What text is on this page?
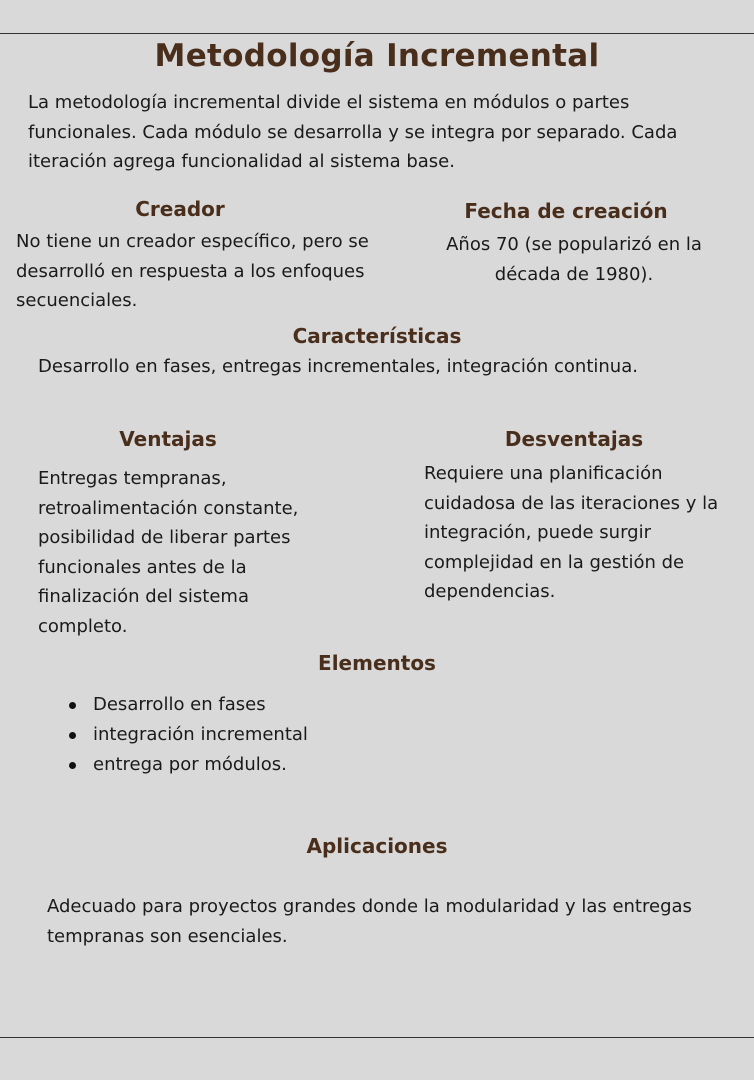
Metodología Incremental

La metodología incremental divide el sistema en módulos o partes funcionales. Cada módulo se desarrolla y se integra por separado. Cada iteración agrega funcionalidad al sistema base.

Creador

No tiene un creador específico, pero se desarrolló en respuesta a los enfoques secuenciales.

Fecha de creación

Años 70 (se popularizó en la década de 1980).

Características

Desarrollo en fases, entregas incrementales, integración continua.

Ventajas

Entregas tempranas, retroalimentación constante, posibilidad de liberar partes funcionales antes de la finalización del sistema completo.

Desventajas

Requiere una planificación cuidadosa de las iteraciones y la integración, puede surgir complejidad en la gestión de dependencias.

Elementos
Desarrollo en fases
integración incremental
entrega por módulos.
Aplicaciones

Adecuado para proyectos grandes donde la modularidad y las entregas tempranas son esenciales.
